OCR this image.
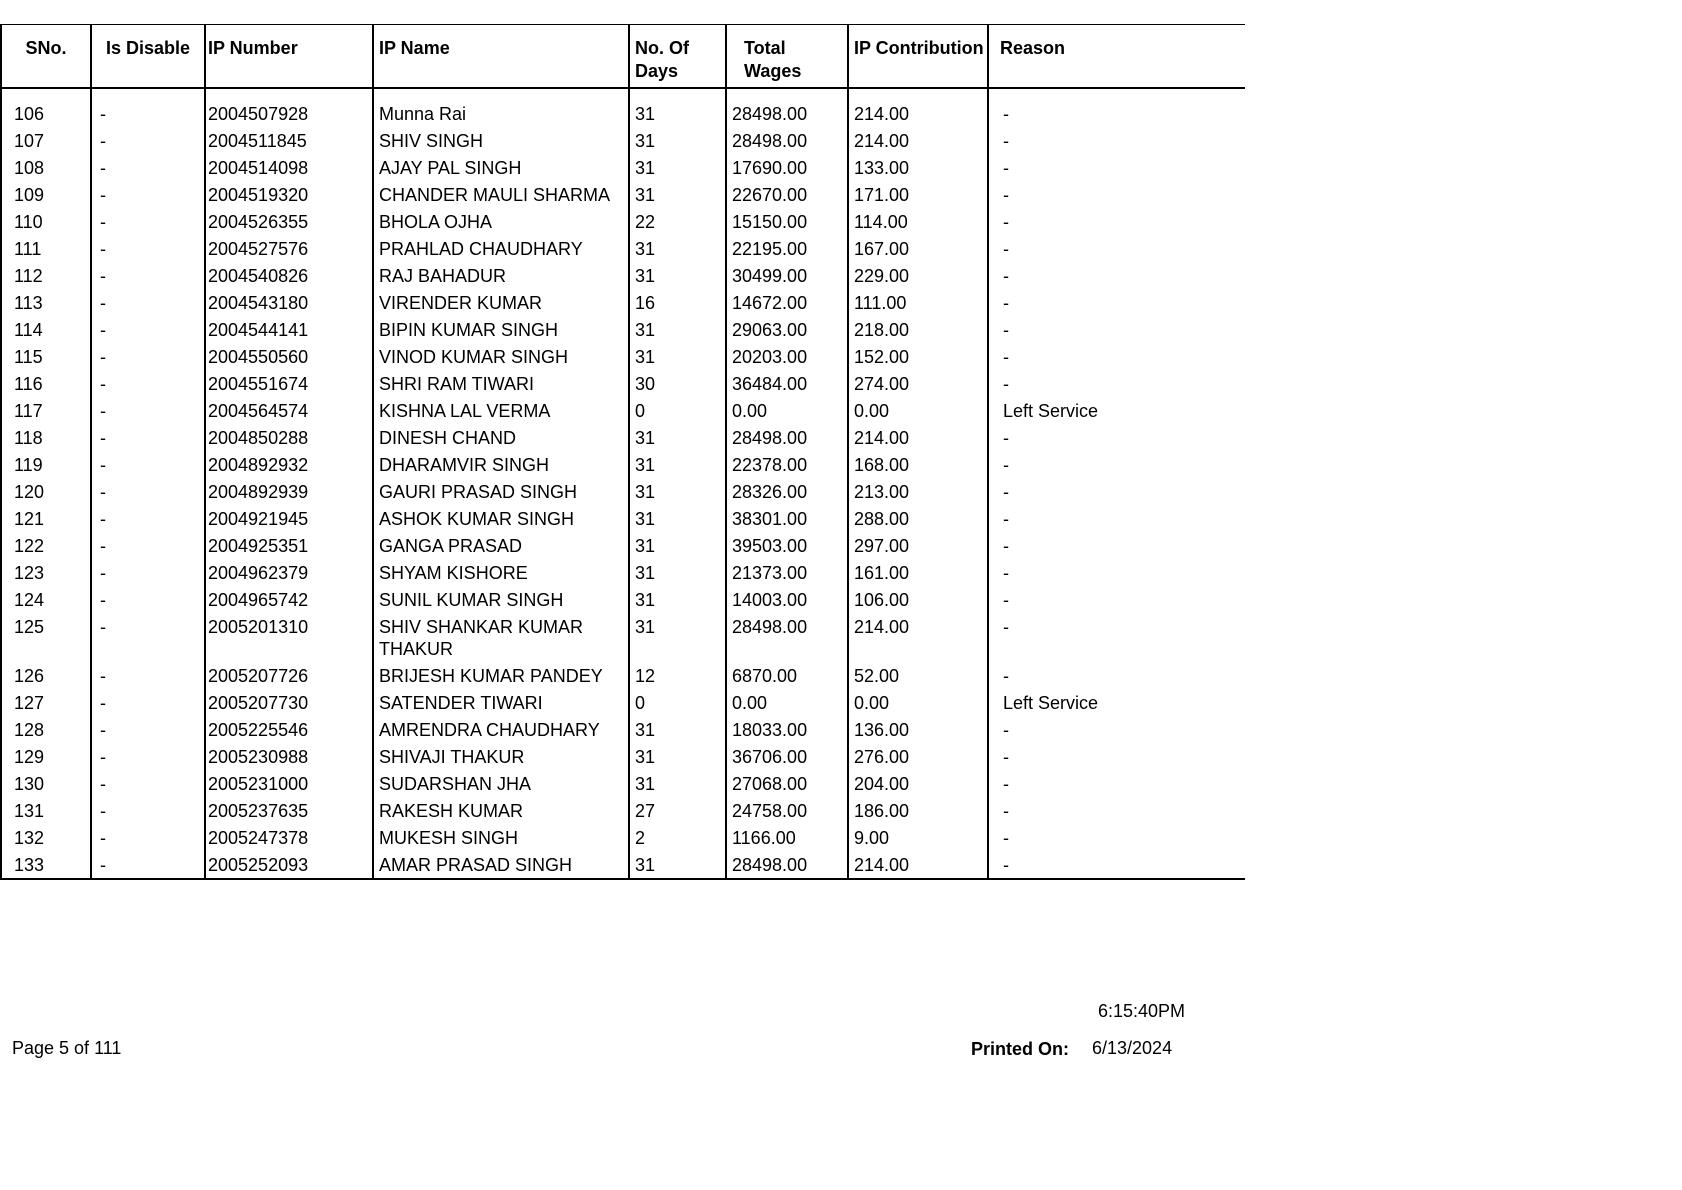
SNo.	Is Disable	IP Number	IP Name	No. Of Days	Total Wages	IP Contribution	Reason

106	-	2004507928	Munna Rai	31	28498.00	214.00	-
107	-	2004511845	SHIV SINGH	31	28498.00	214.00	-
108	-	2004514098	AJAY PAL SINGH	31	17690.00	133.00	-
109	-	2004519320	CHANDER MAULI SHARMA	31	22670.00	171.00	-
110	-	2004526355	BHOLA OJHA	22	15150.00	114.00	-
111	-	2004527576	PRAHLAD CHAUDHARY	31	22195.00	167.00	-
112	-	2004540826	RAJ BAHADUR	31	30499.00	229.00	-
113	-	2004543180	VIRENDER KUMAR	16	14672.00	111.00	-
114	-	2004544141	BIPIN KUMAR SINGH	31	29063.00	218.00	-
115	-	2004550560	VINOD KUMAR SINGH	31	20203.00	152.00	-
116	-	2004551674	SHRI RAM TIWARI	30	36484.00	274.00	-
117	-	2004564574	KISHNA LAL VERMA	0	0.00	0.00	Left Service
118	-	2004850288	DINESH CHAND	31	28498.00	214.00	-
119	-	2004892932	DHARAMVIR SINGH	31	22378.00	168.00	-
120	-	2004892939	GAURI PRASAD SINGH	31	28326.00	213.00	-
121	-	2004921945	ASHOK KUMAR SINGH	31	38301.00	288.00	-
122	-	2004925351	GANGA PRASAD	31	39503.00	297.00	-
123	-	2004962379	SHYAM KISHORE	31	21373.00	161.00	-
124	-	2004965742	SUNIL KUMAR SINGH	31	14003.00	106.00	-
125	-	2005201310	SHIV SHANKAR KUMAR THAKUR	31	28498.00	214.00	-
126	-	2005207726	BRIJESH KUMAR PANDEY	12	6870.00	52.00	-
127	-	2005207730	SATENDER TIWARI	0	0.00	0.00	Left Service
128	-	2005225546	AMRENDRA CHAUDHARY	31	18033.00	136.00	-
129	-	2005230988	SHIVAJI THAKUR	31	36706.00	276.00	-
130	-	2005231000	SUDARSHAN JHA	31	27068.00	204.00	-
131	-	2005237635	RAKESH KUMAR	27	24758.00	186.00	-
132	-	2005247378	MUKESH SINGH	2	1166.00	9.00	-
133	-	2005252093	AMAR PRASAD SINGH	31	28498.00	214.00	-
6:15:40PM
Page 5 of 111	Printed On: 6/13/2024
